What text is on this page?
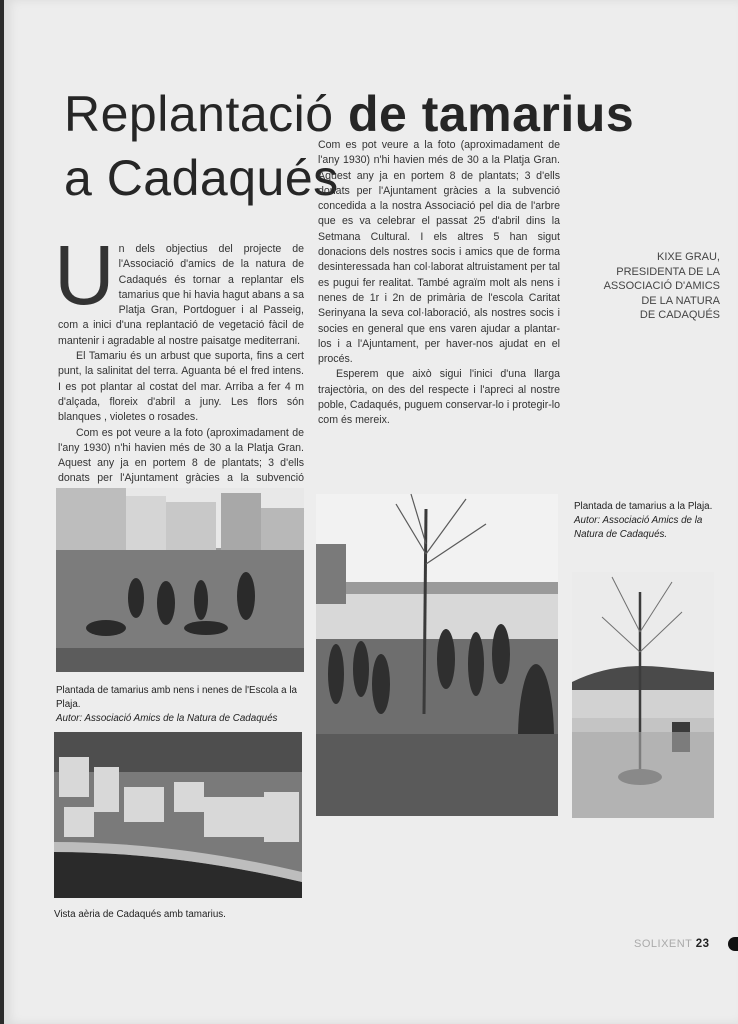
Replantació de tamarius
a Cadaqués

Un dels objectius del projecte de l'Associació d'amics de la natura de Cadaqués és tornar a replantar els tamarius que hi havia hagut abans a sa Platja Gran, Portdoguer i al Passeig, com a inici d'una replantació de vegetació fàcil de mantenir i agradable al nostre paisatge mediterrani.

El Tamariu és un arbust que suporta, fins a cert punt, la salinitat del terra. Aguanta bé el fred intens. I es pot plantar al costat del mar. Arriba a fer 4 m d'alçada, floreix d'abril a juny. Les flors són blanques , violetes o rosades.

Com es pot veure a la foto (aproximadament de l'any 1930) n'hi havien més de 30 a la Platja Gran. Aquest any ja en portem 8 de plantats; 3 d'ells donats per l'Ajuntament gràcies a la subvenció

Com es pot veure a la foto (aproximadament de l'any 1930) n'hi havien més de 30 a la Platja Gran. Aquest any ja en portem 8 de plantats; 3 d'ells donats per l'Ajuntament gràcies a la subvenció concedida a la nostra Associació pel dia de l'arbre que es va celebrar el passat 25 d'abril dins la Setmana Cultural. I els altres 5 han sigut donacions dels nostres socis i amics que de forma desinteressada han col·laborat altruistament per tal es pugui fer realitat. També agraïm molt als nens i nenes de 1r i 2n de primària de l'escola Caritat Serinyana la seva col·laboració, als nostres socis i socies en general que ens varen ajudar a plantar-los i a l'Ajuntament, per haver-nos ajudat en el procés.

Esperem que això sigui l'inici d'una llarga trajectòria, on des del respecte i l'apreci al nostre poble, Cadaqués, puguem conservar-lo i protegir-lo com és mereix.

KIXE GRAU,
PRESIDENTA DE LA
ASSOCIACIÓ D'AMICS
DE LA NATURA
DE CADAQUÉS
Plantada de tamarius amb nens i nenes de l'Escola a la Plaja.
Autor: Associació Amics de la Natura de Cadaqués
Plantada de tamarius a la Plaja.
Autor: Associació Amics de la Natura de Cadaqués.
Vista aèria de Cadaqués amb tamarius.
SOLIXENT 23
